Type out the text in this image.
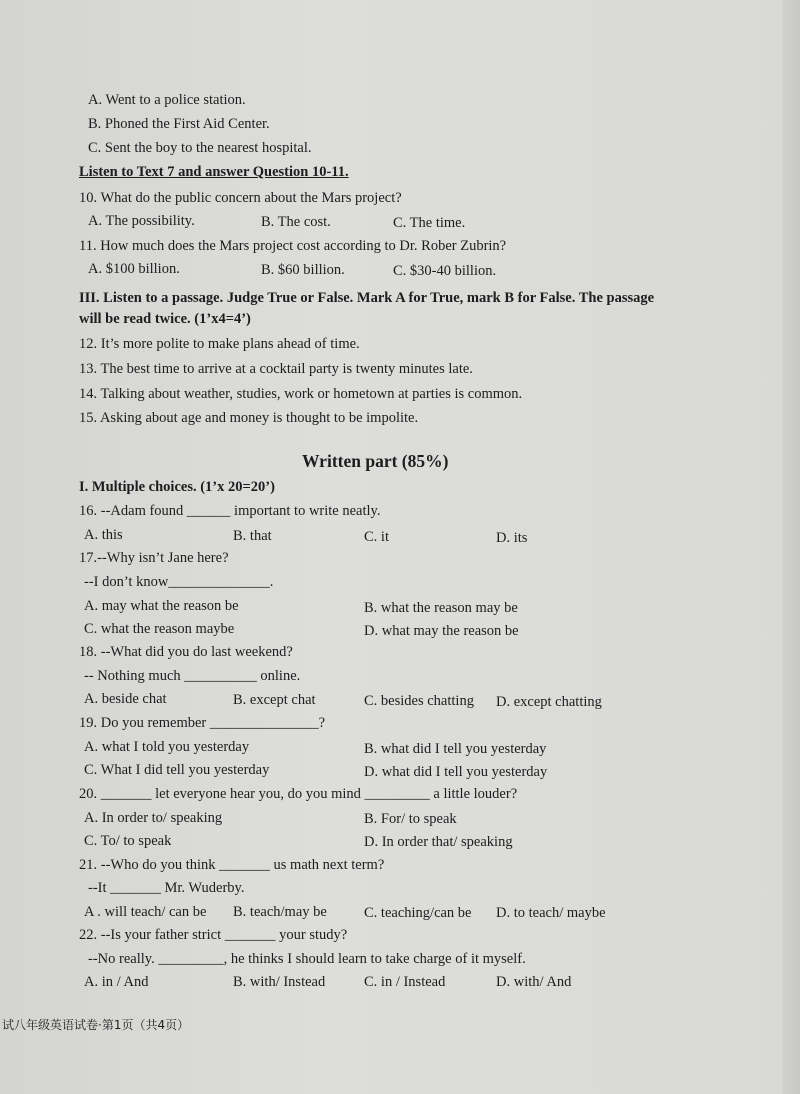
A. Went to a police station.
B. Phoned the First Aid Center.
C. Sent the boy to the nearest hospital.
Listen to Text 7 and answer Question 10-11.
10. What do the public concern about the Mars project?
A. The possibility.	B. The cost.	C. The time.
11. How much does the Mars project cost according to Dr. Rober Zubrin?
A. $100 billion.	B. $60 billion.	C. $30-40 billion.
III. Listen to a passage. Judge True or False. Mark A for True, mark B for False. The passage
will be read twice. (1’x4=4’)
12. It’s more polite to make plans ahead of time.
13. The best time to arrive at a cocktail party is twenty minutes late.
14. Talking about weather, studies, work or hometown at parties is common.
15. Asking about age and money is thought to be impolite.
Written part (85%)
I. Multiple choices. (1’x 20=20’)
16. --Adam found ______ important to write neatly.
A. this	B. that	C. it	D. its
17.--Why isn’t Jane here?
--I don’t know______________.
A. may what the reason be	B. what the reason may be
C. what the reason maybe	D. what may the reason be
18. --What did you do last weekend?
-- Nothing much __________ online.
A. beside chat	B. except chat	C. besides chatting D. except chatting
19. Do you remember _______________?
A. what I told you yesterday	B. what did I tell you yesterday
C. What I did tell you yesterday	D. what did I tell you yesterday
20. _______ let everyone hear you, do you mind _________ a little louder?
A. In order to/ speaking	B. For/ to speak
C. To/ to speak	D. In order that/ speaking
21. --Who do you think _______ us math next term?
--It _______ Mr. Wuderby.
A . will teach/ can be B. teach/may be	C. teaching/can be D. to teach/ maybe
22. --Is your father strict _______ your study?
--No really. _________, he thinks I should learn to take charge of it myself.
A. in / And	B. with/ Instead	C. in / Instead	D. with/ And
试八年级英语试卷·第1页（共4页）
